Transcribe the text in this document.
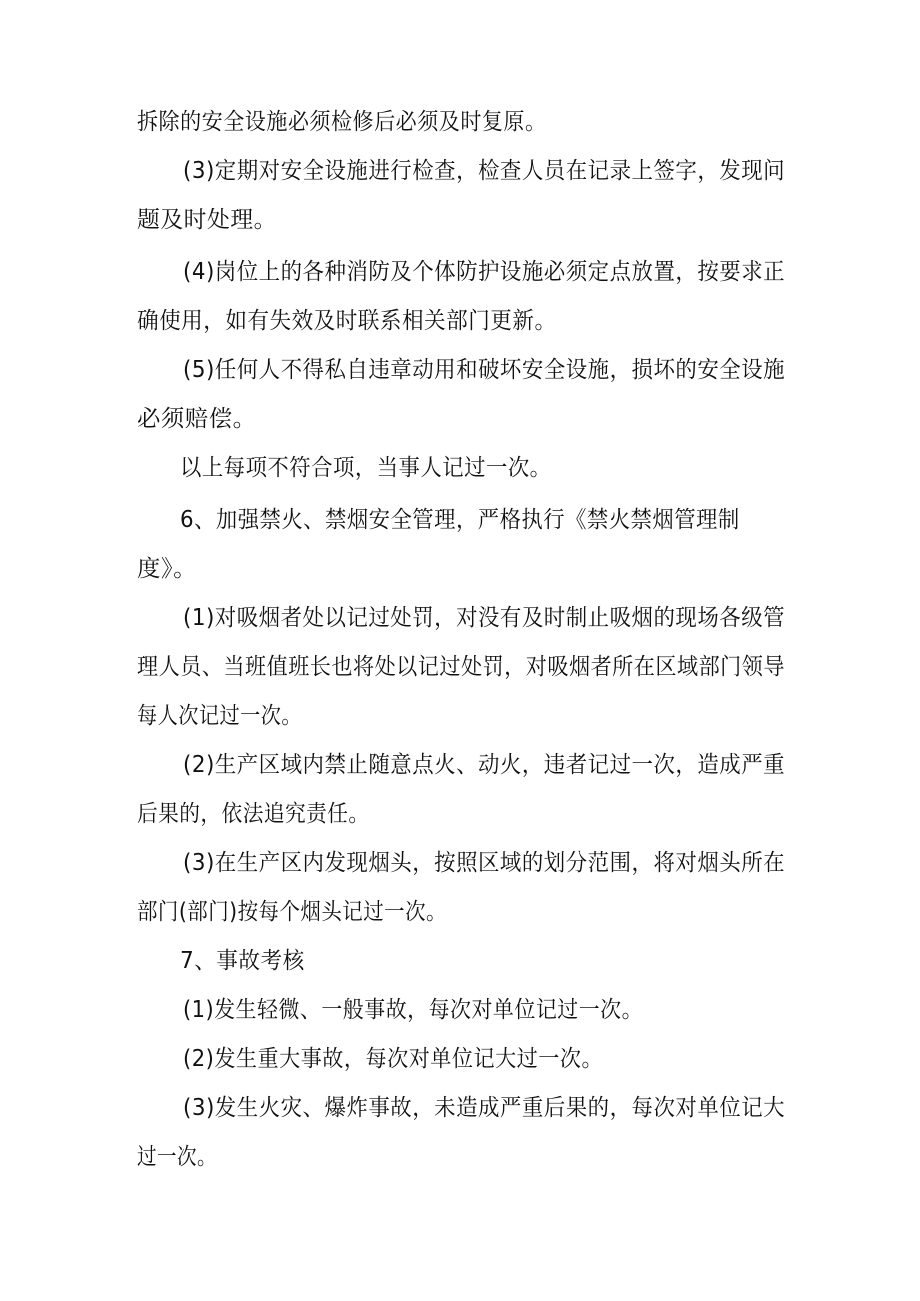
拆除的安全设施必须检修后必须及时复原。
(3)定期对安全设施进行检查，检查人员在记录上签字，发现问
题及时处理。
(4)岗位上的各种消防及个体防护设施必须定点放置，按要求正
确使用，如有失效及时联系相关部门更新。
(5)任何人不得私自违章动用和破坏安全设施，损坏的安全设施
必须赔偿。
以上每项不符合项，当事人记过一次。
6、加强禁火、禁烟安全管理，严格执行《禁火禁烟管理制
度》。
(1)对吸烟者处以记过处罚，对没有及时制止吸烟的现场各级管
理人员、当班值班长也将处以记过处罚，对吸烟者所在区域部门领导
每人次记过一次。
(2)生产区域内禁止随意点火、动火，违者记过一次，造成严重
后果的，依法追究责任。
(3)在生产区内发现烟头，按照区域的划分范围，将对烟头所在
部门(部门)按每个烟头记过一次。
7、事故考核
(1)发生轻微、一般事故，每次对单位记过一次。
(2)发生重大事故，每次对单位记大过一次。
(3)发生火灾、爆炸事故，未造成严重后果的，每次对单位记大
过一次。
